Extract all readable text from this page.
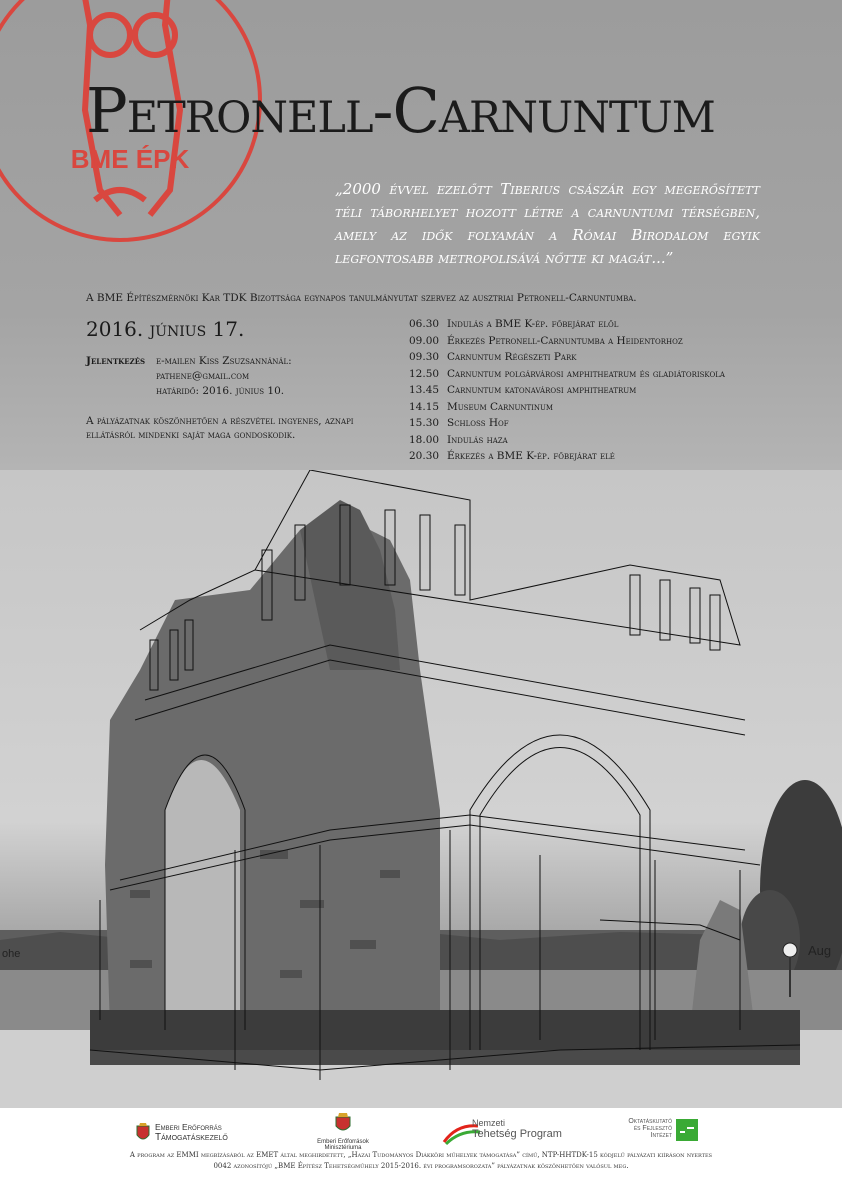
Aug
ohe
BME ÉPK
Petronell-Carnuntum
„2000 évvel ezelőtt Tiberius császár egy megerősített téli táborhelyet hozott létre a carnuntumi térségben, amely az idők folyamán a Római Birodalom egyik legfontosabb metropolisává nőtte ki magát...”
A BME Építészmérnöki Kar TDK Bizottsága egynapos tanulmányutat szervez az ausztriai Petronell-Carnuntumba.
2016. június 17.
Jelentkezés e-mailen Kiss Zsuzsannánál:
pathene@gmail.com
határidő: 2016. június 10.
A pályázatnak köszönhetően a részvétel ingyenes, aznapi ellátásról mindenki saját maga gondoskodik.
06.30 Indulás a BME K-ép. főbejárat elől
09.00 Érkezés Petronell-Carnuntumba a Heidentorhoz
09.30 Carnuntum Régészeti Park
12.50 Carnuntum polgárvárosi amphitheatrum és gladiátoriskola
13.45 Carnuntum katonavárosi amphitheatrum
14.15 Museum Carnuntinum
15.30 Schloss Hof
18.00 Indulás haza
20.30 Érkezés a BME K-ép. főbejárat elé
Emberi Erőforrás
Támogatáskezelő	Emberi Erőforrások
Minisztériuma
Nemzeti
Tehetség Program
Oktatáskutató
és Fejlesztő
Intézet
A program az EMMI megbízásából az EMET által meghirdetett, „Hazai Tudományos Diákköri műhelyek támogatása” című, NTP-HHTDK-15 kódjelű pályázati kiíráson nyertes
0042 azonosítójú „BME Építész Tehetségműhely 2015-2016. évi programsorozata” pályázatnak köszönhetően valósul meg.
